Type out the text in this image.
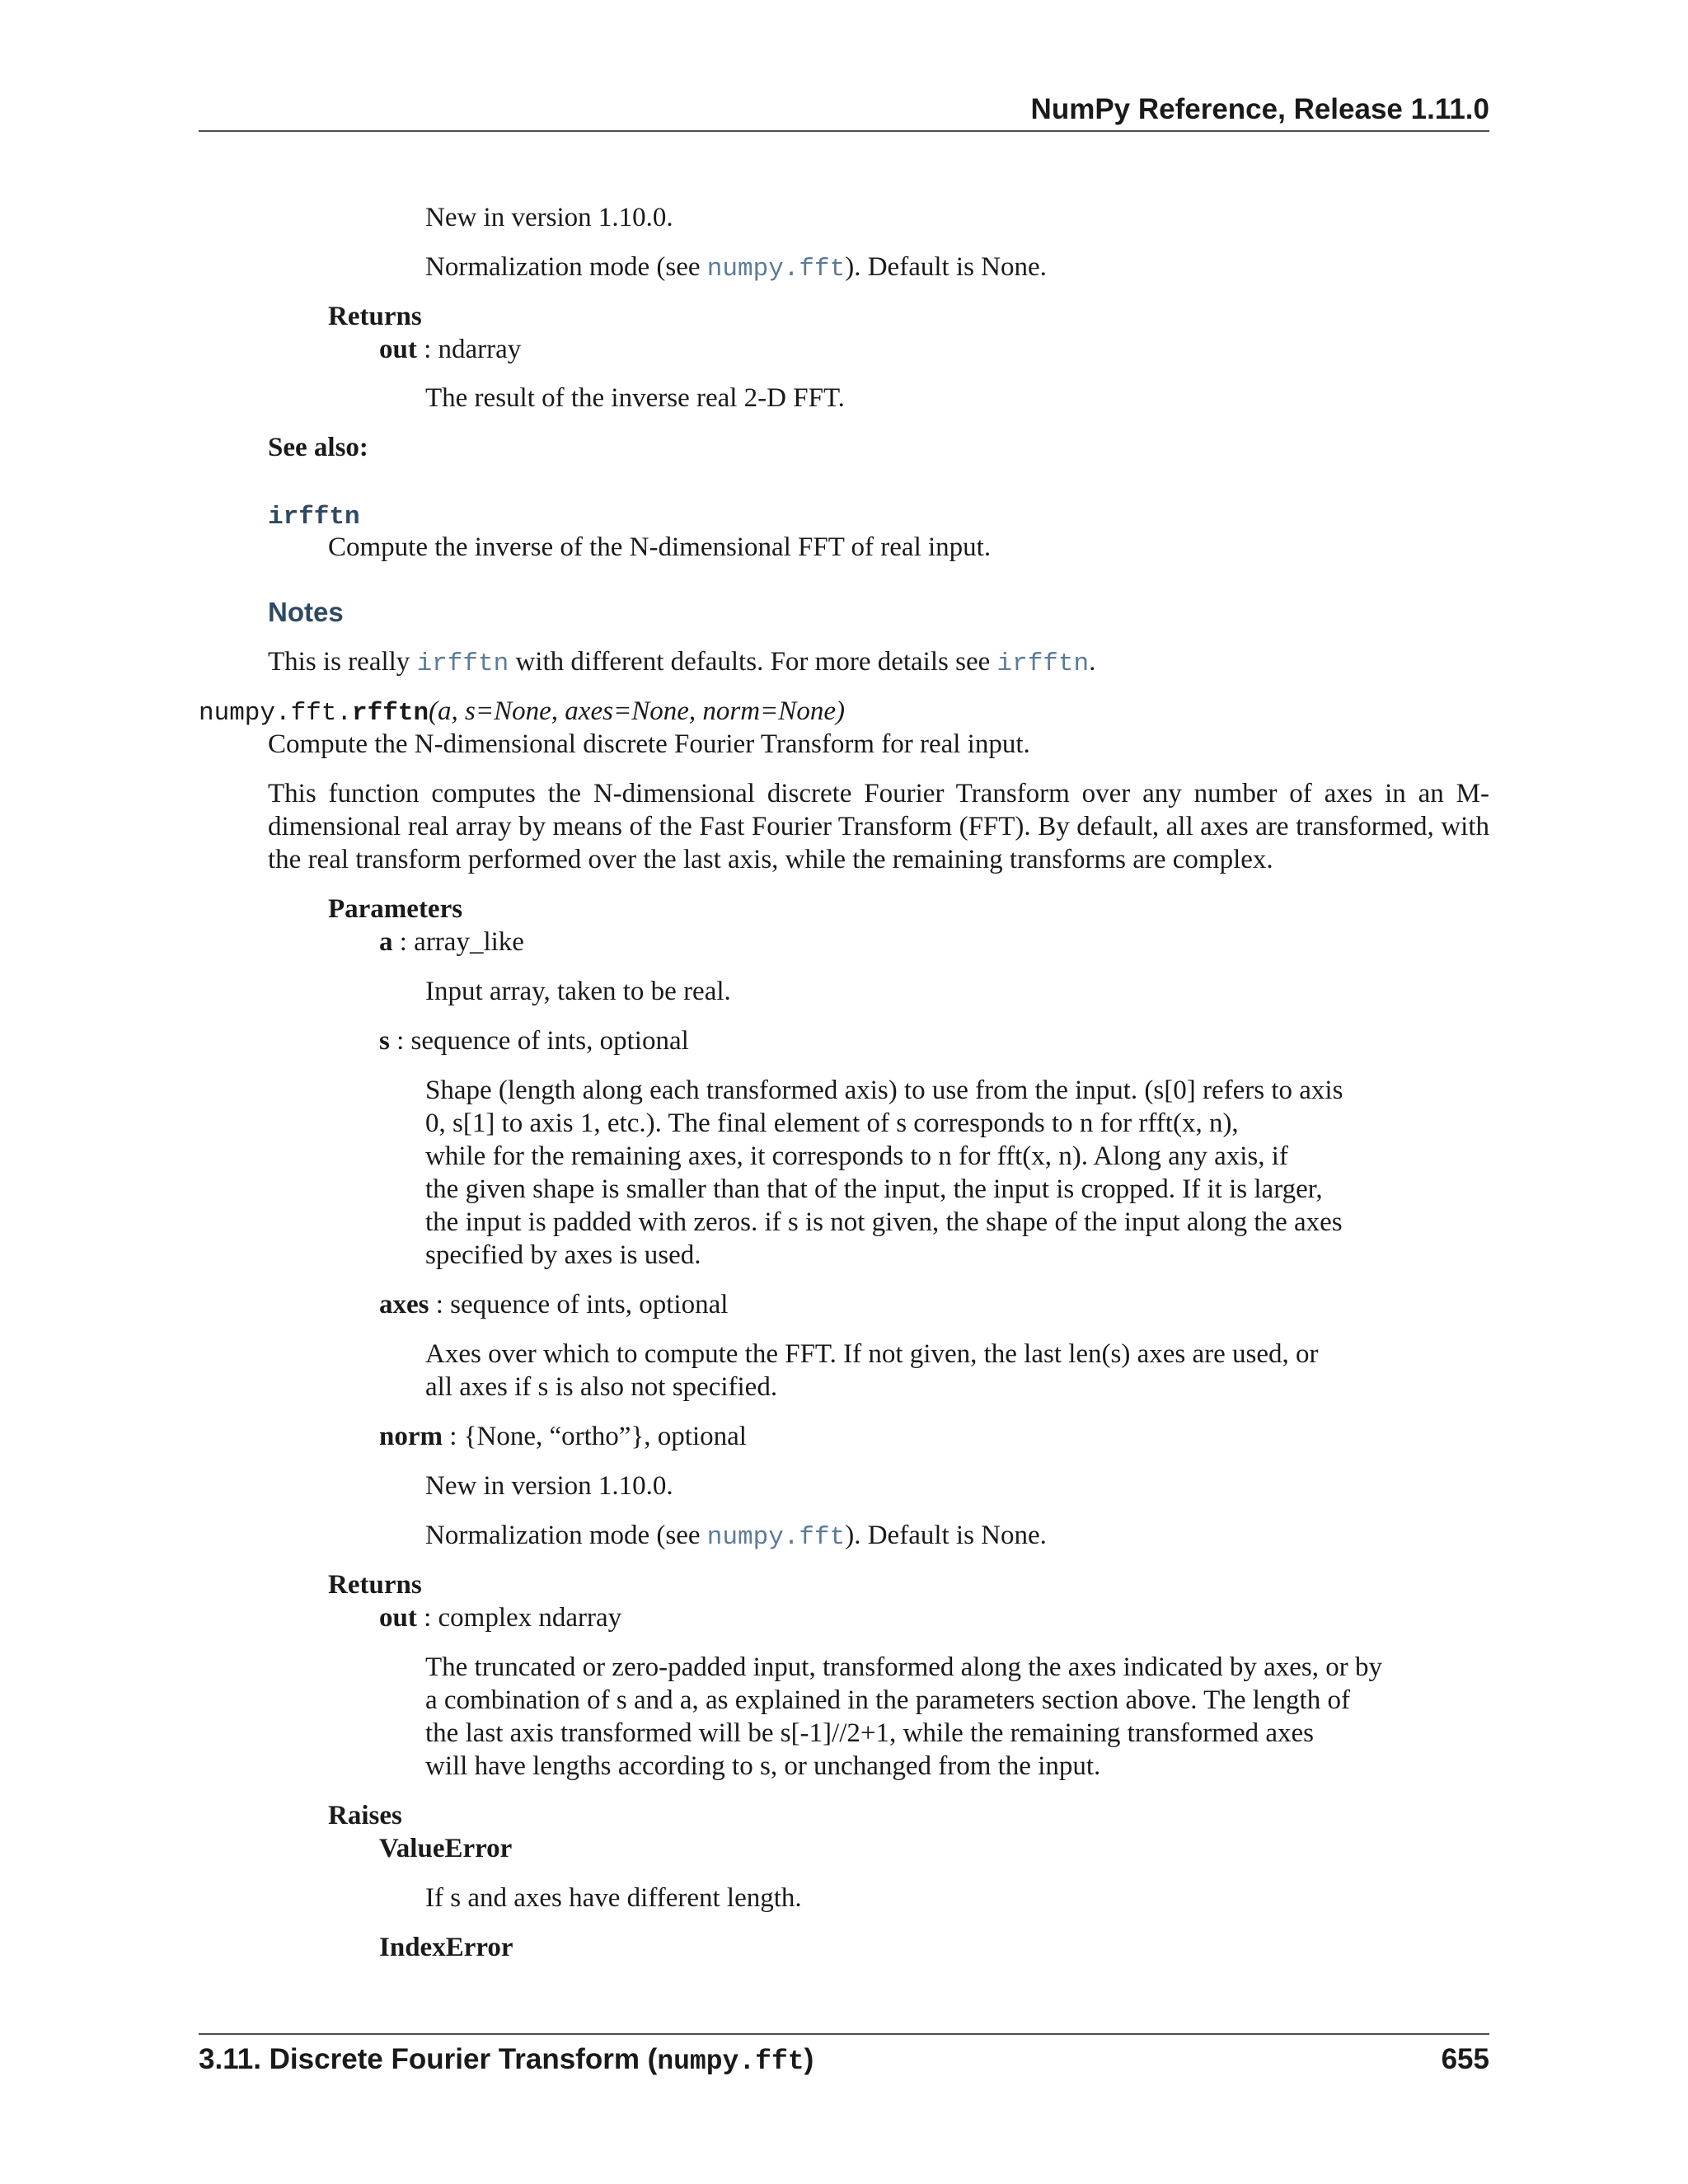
NumPy Reference, Release 1.11.0
New in version 1.10.0.
Normalization mode (see numpy.fft). Default is None.
Returns
out : ndarray
The result of the inverse real 2-D FFT.
See also:
irfftn
Compute the inverse of the N-dimensional FFT of real input.
Notes
This is really irfftn with different defaults. For more details see irfftn.
numpy.fft.rfftn(a, s=None, axes=None, norm=None)
Compute the N-dimensional discrete Fourier Transform for real input.
This function computes the N-dimensional discrete Fourier Transform over any number of axes in an M-dimensional real array by means of the Fast Fourier Transform (FFT). By default, all axes are transformed, with the real transform performed over the last axis, while the remaining transforms are complex.
Parameters
a : array_like
Input array, taken to be real.
s : sequence of ints, optional
Shape (length along each transformed axis) to use from the input. (s[0] refers to axis
0, s[1] to axis 1, etc.). The final element of s corresponds to n for rfft(x, n),
while for the remaining axes, it corresponds to n for fft(x, n). Along any axis, if
the given shape is smaller than that of the input, the input is cropped. If it is larger,
the input is padded with zeros. if s is not given, the shape of the input along the axes
specified by axes is used.
axes : sequence of ints, optional
Axes over which to compute the FFT. If not given, the last len(s) axes are used, or
all axes if s is also not specified.
norm : {None, “ortho”}, optional
New in version 1.10.0.
Normalization mode (see numpy.fft). Default is None.
Returns
out : complex ndarray
The truncated or zero-padded input, transformed along the axes indicated by axes, or by
a combination of s and a, as explained in the parameters section above. The length of
the last axis transformed will be s[-1]//2+1, while the remaining transformed axes
will have lengths according to s, or unchanged from the input.
Raises
ValueError
If s and axes have different length.
IndexError
3.11. Discrete Fourier Transform (numpy.fft)	655
